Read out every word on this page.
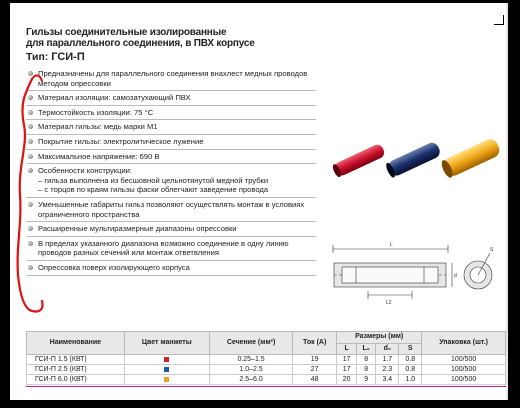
Гильзы соединительные изолированные
для параллельного соединения, в ПВХ корпусе
Тип: ГСИ-П
Предназначены для параллельного соединения внахлест медных проводов методом опрессовки
Материал изоляции: самозатухающий ПВХ
Термостойкость изоляции: 75 °С
Материал гильзы: медь марки М1
Покрытие гильзы: электролитическое лужение
Максимальное напряжение: 690 В
Особенности конструкции:
– гильза выполнена из бесшовной цельнотянутой медной трубки
– с торцов по краям гильзы фаски облегчают заведение провода
Уменьшенные габариты гильз позволяют осуществлять монтаж в условиях ограниченного пространства
Расширенные мультиразмерные диапазоны опрессовки
В пределах указанного диапазона возможно соединение в одну линию проводов разных сечений или монтаж ответвления
Опрессовка поверх изолирующего корпуса
L
L2
d
S
Наименование	Цвет манжеты	Сечение (мм²)	Ток (А)	Размеры (мм)				Упаковка (шт.)
				L	L₂	d₀	S	
ГСИ-П 1.5 (КВТ)		0.25–1.5	19	17	8	1.7	0.8	100/500
ГСИ-П 2.5 (КВТ)		1.0–2.5	27	17	8	2.3	0.8	100/500
ГСИ-П 6.0 (КВТ)		2.5–6.0	48	20	9	3.4	1.0	100/500
